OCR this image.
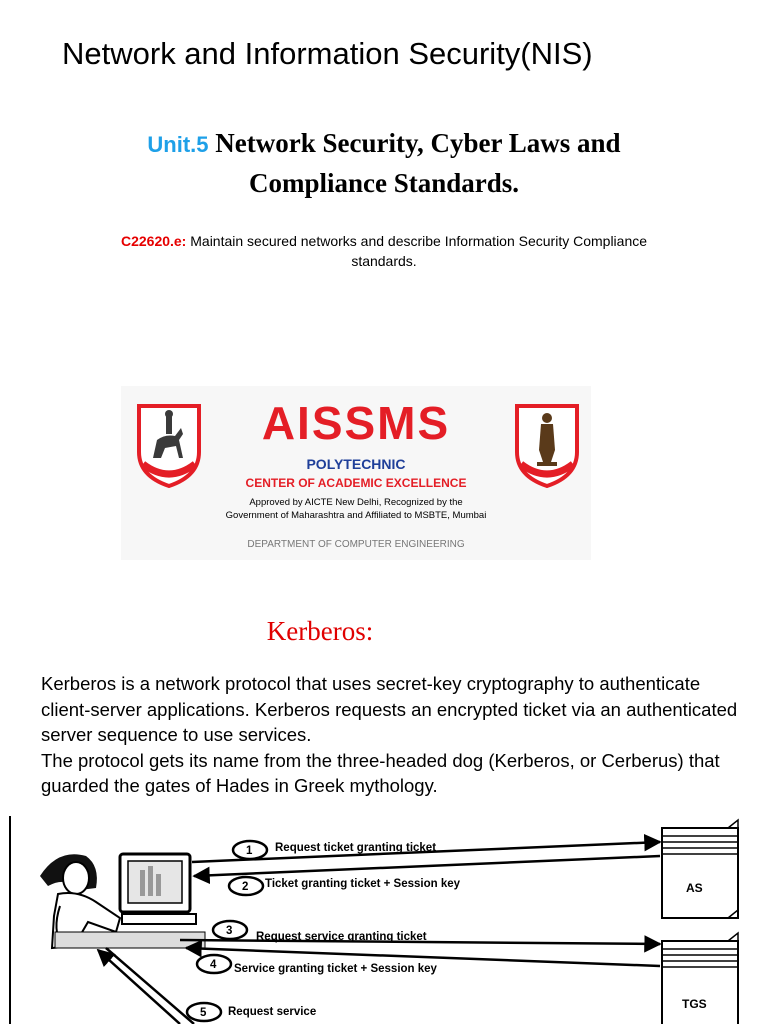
Network and Information Security(NIS)
Unit.5 Network Security, Cyber Laws and
Compliance Standards.
C22620.e: Maintain secured networks and describe Information Security Compliance
standards.
AISSMS
POLYTECHNIC
CENTER OF ACADEMIC EXCELLENCE
Approved by AICTE New Delhi, Recognized by the
Government of Maharashtra and Affiliated to MSBTE, Mumbai
DEPARTMENT OF COMPUTER ENGINEERING
Kerberos:

Kerberos is a network protocol that uses secret-key cryptography to authenticate client-server applications. Kerberos requests an encrypted ticket via an authenticated server sequence to use services.

The protocol gets its name from the three-headed dog (Kerberos, or Cerberus) that guarded the gates of Hades in Greek mythology.

AS
TGS
1 Request ticket granting ticket
2 Ticket granting ticket + Session key
3 Request service granting ticket
4 Service granting ticket + Session key
5 Request service
